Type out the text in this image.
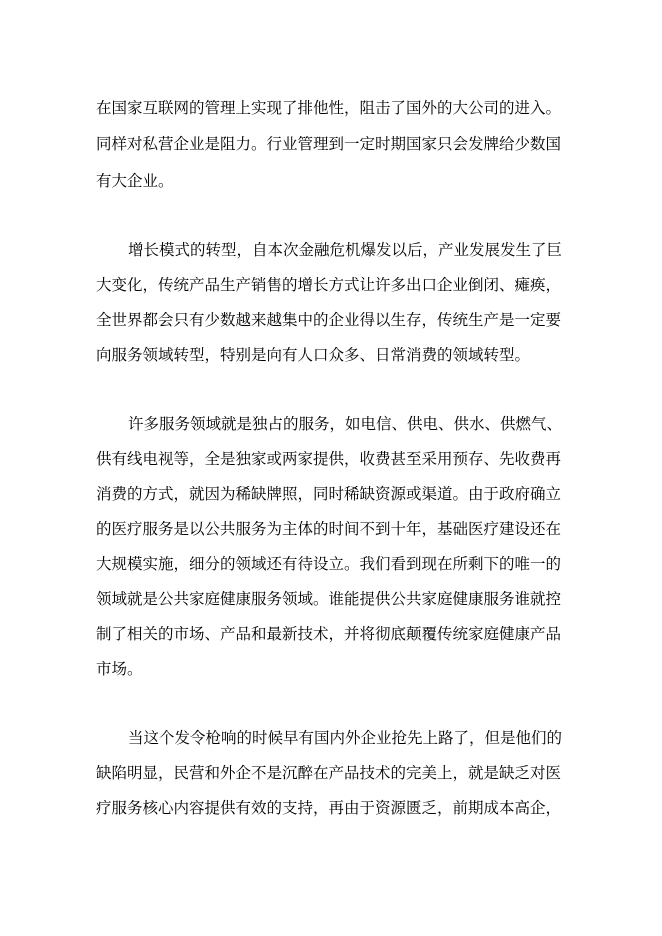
在国家互联网的管理上实现了排他性，阻击了国外的大公司的进入。
同样对私营企业是阻力。行业管理到一定时期国家只会发牌给少数国
有大企业。
增长模式的转型，自本次金融危机爆发以后，产业发展发生了巨
大变化，传统产品生产销售的增长方式让许多出口企业倒闭、瘫痪，
全世界都会只有少数越来越集中的企业得以生存，传统生产是一定要
向服务领域转型，特别是向有人口众多、日常消费的领域转型。
许多服务领域就是独占的服务，如电信、供电、供水、供燃气、
供有线电视等，全是独家或两家提供，收费甚至采用预存、先收费再
消费的方式，就因为稀缺牌照，同时稀缺资源或渠道。由于政府确立
的医疗服务是以公共服务为主体的时间不到十年，基础医疗建设还在
大规模实施，细分的领域还有待设立。我们看到现在所剩下的唯一的
领域就是公共家庭健康服务领域。谁能提供公共家庭健康服务谁就控
制了相关的市场、产品和最新技术，并将彻底颠覆传统家庭健康产品
市场。
当这个发令枪响的时候早有国内外企业抢先上路了，但是他们的
缺陷明显，民营和外企不是沉醉在产品技术的完美上，就是缺乏对医
疗服务核心内容提供有效的支持，再由于资源匮乏，前期成本高企，
